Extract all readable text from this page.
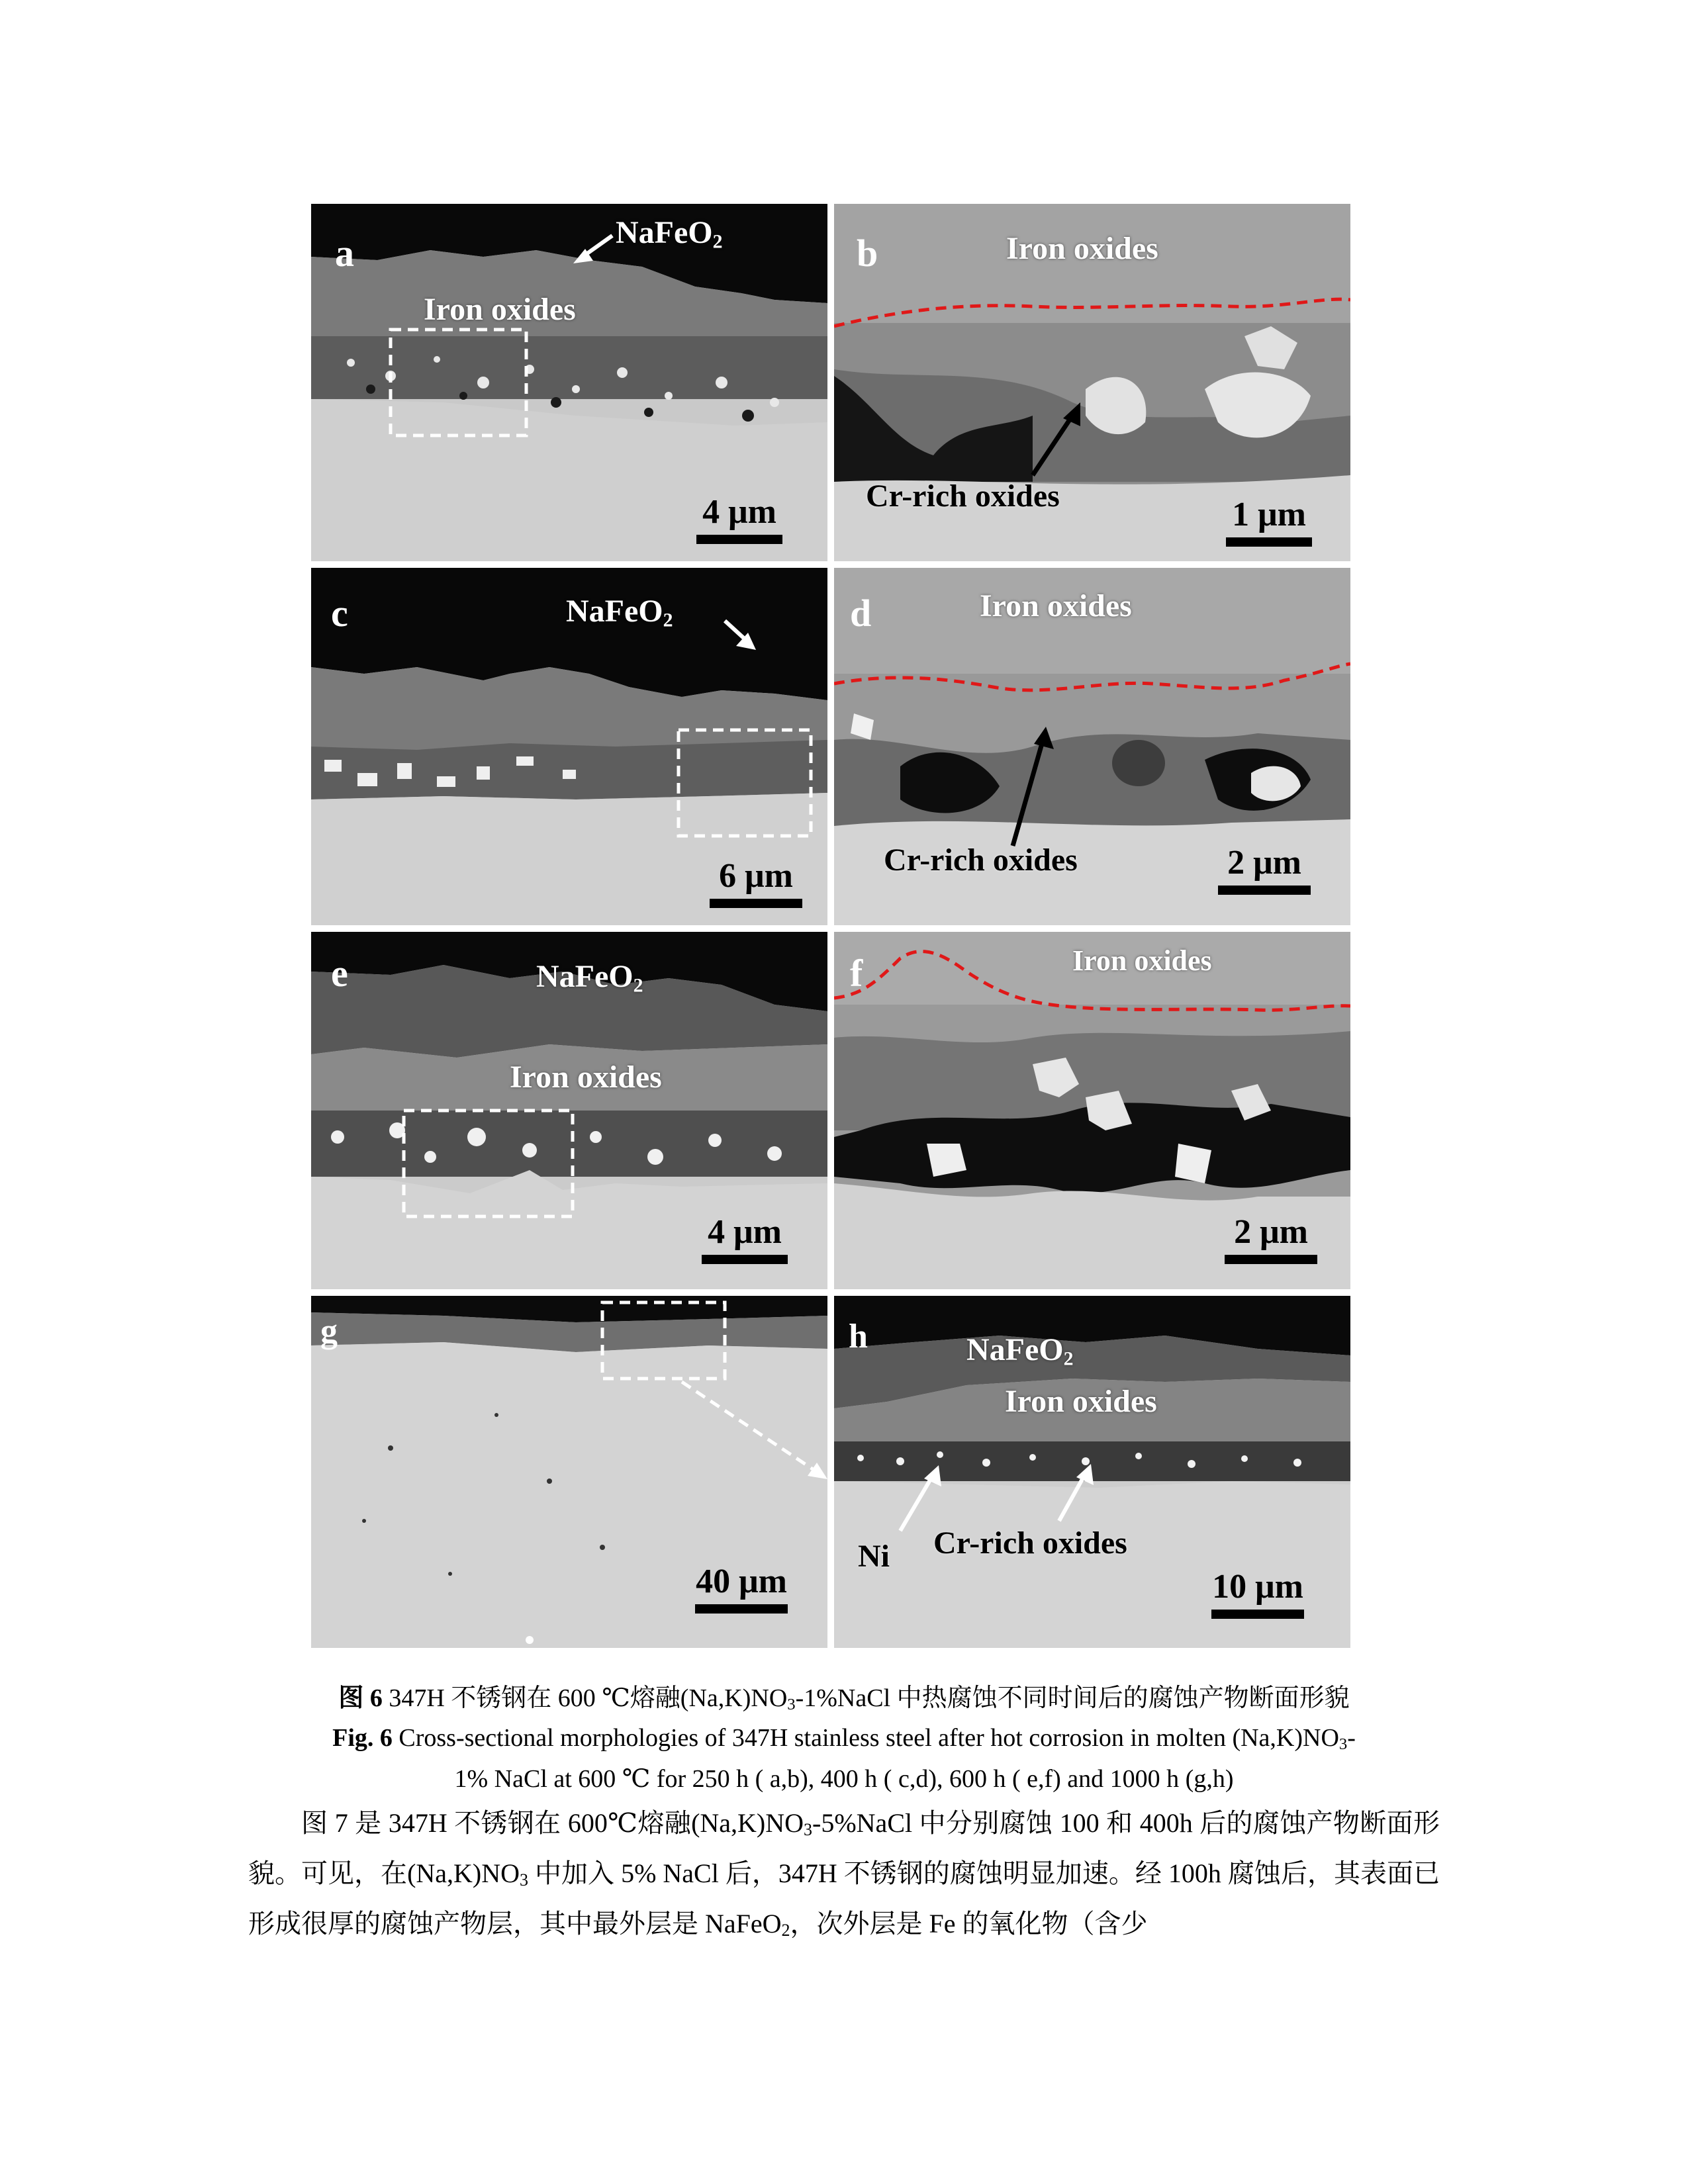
a	NaFeO$_2$
Iron oxides
4 μm
b	Iron oxides
Cr-rich oxides	1 μm
c	NaFeO$_2$
6 μm
d	Iron oxides
Cr-rich oxides	2 μm
e	NaFeO$_2$
Iron oxides
4 μm
f	Iron oxides
2 μm
g
40 μm
h	NaFeO$_2$
Iron oxides
Ni Cr-rich oxides
10 μm
图 6 347H 不锈钢在 600 ℃熔融$(Na,K)NO_3-1\%NaCl$ 中热腐蚀不同时间后的腐蚀产物断面形貌
Fig. 6 Cross-sectional morphologies of 347H stainless steel after hot corrosion in molten $(Na,K)NO_3-$
1% NaCl at 600 ℃ for 250 h ( a,b), 400 h ( c,d), 600 h ( e,f) and 1000 h (g,h)
图 7 是 347H 不锈钢在 600℃熔融$(Na,K)NO_3-5\%NaCl$ 中分别腐蚀 100 和 400h 后的腐蚀产物断面形貌。可见，在$(Na,K)NO_3$ 中加入 5% NaCl 后，347H 不锈钢的腐蚀明显加速。经 100h 腐蚀后，其表面已形成很厚的腐蚀产物层，其中最外层是 NaFeO$_2$，次外层是 Fe 的氧化物（含少
